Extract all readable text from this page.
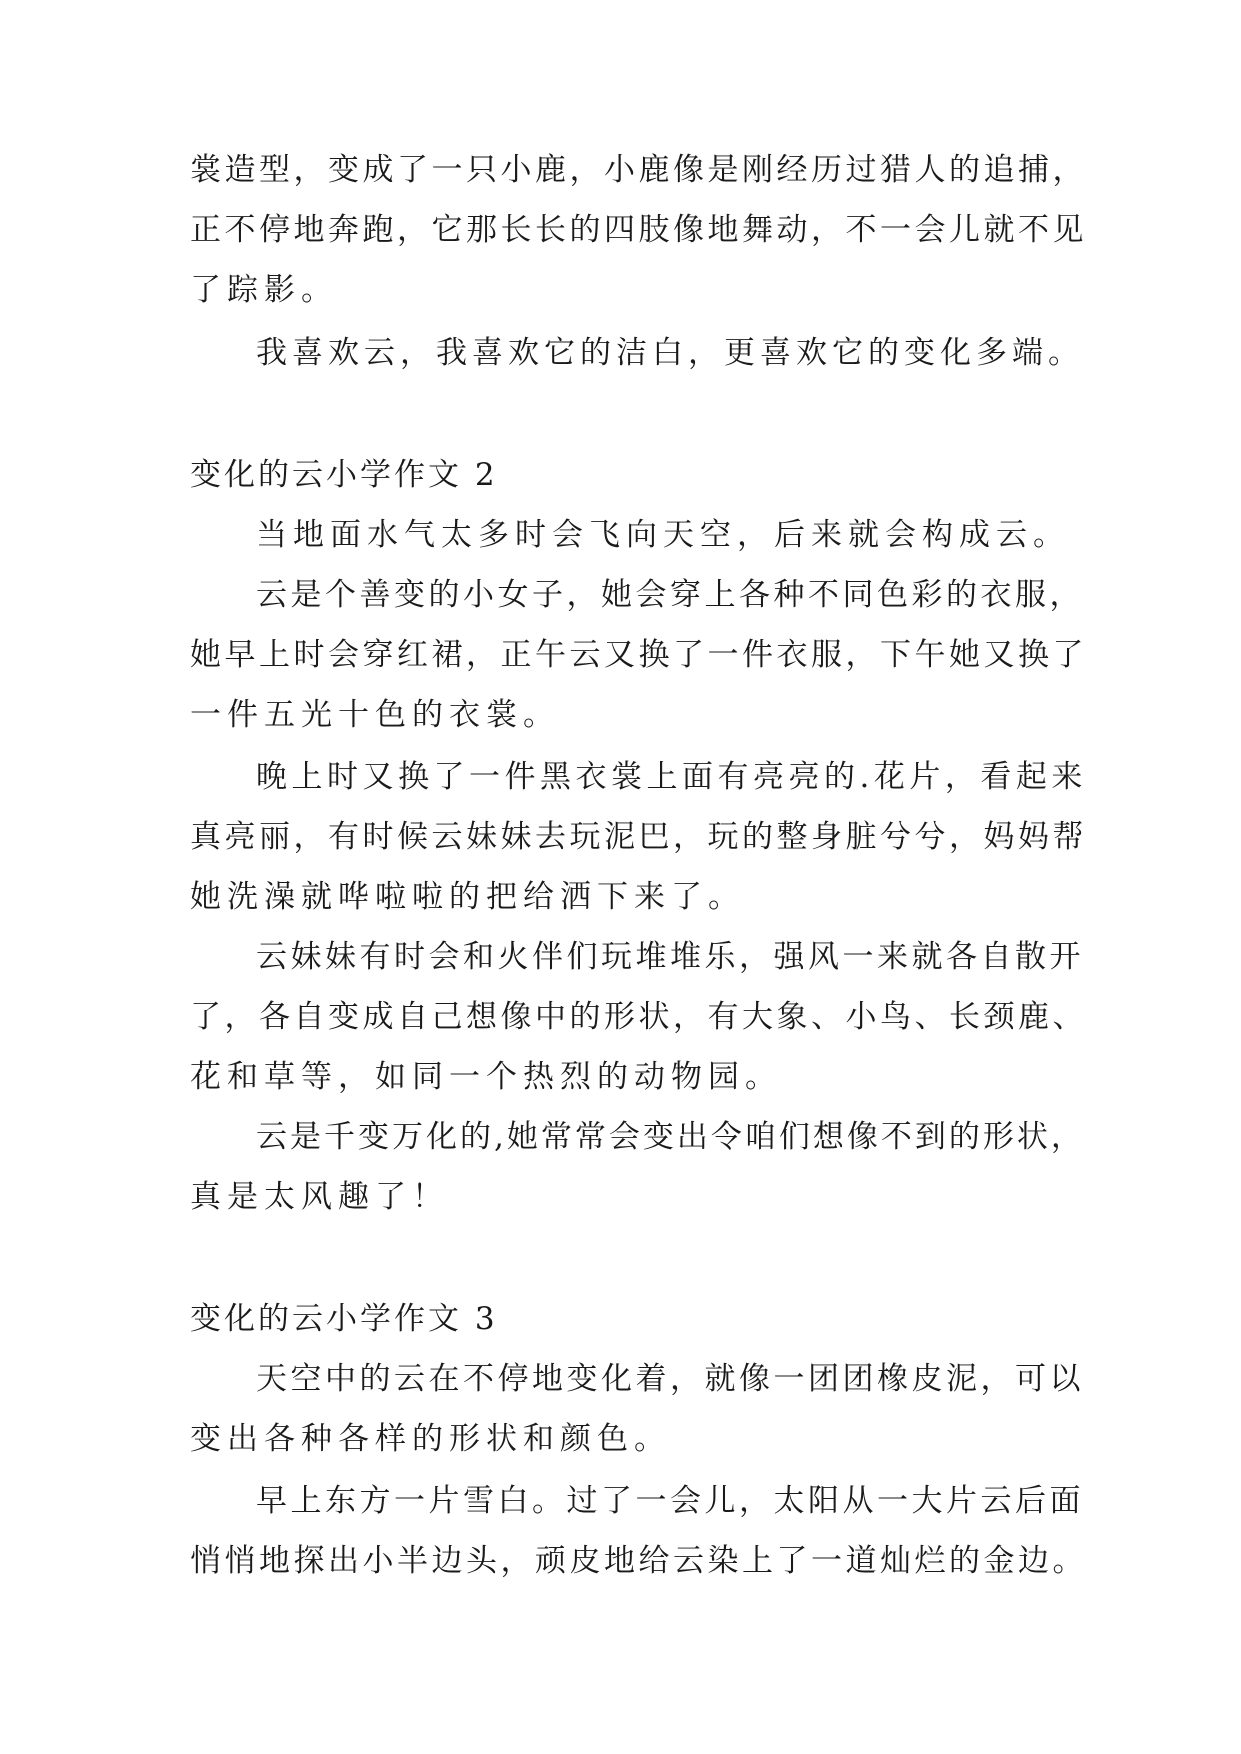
裳造型，变成了一只小鹿，小鹿像是刚经历过猎人的追捕，
正不停地奔跑，它那长长的四肢像地舞动，不一会儿就不见
了踪影。
我喜欢云，我喜欢它的洁白，更喜欢它的变化多端。
变化的云小学作文 2
当地面水气太多时会飞向天空，后来就会构成云。
云是个善变的小女子，她会穿上各种不同色彩的衣服，
她早上时会穿红裙，正午云又换了一件衣服，下午她又换了
一件五光十色的衣裳。
晚上时又换了一件黑衣裳上面有亮亮的.花片，看起来
真亮丽，有时候云妹妹去玩泥巴，玩的整身脏兮兮，妈妈帮
她洗澡就哗啦啦的把给洒下来了。
云妹妹有时会和火伴们玩堆堆乐，强风一来就各自散开
了，各自变成自己想像中的形状，有大象、小鸟、长颈鹿、
花和草等，如同一个热烈的动物园。
云是千变万化的,她常常会变出令咱们想像不到的形状，
真是太风趣了！
变化的云小学作文 3
天空中的云在不停地变化着，就像一团团橡皮泥，可以
变出各种各样的形状和颜色。
早上东方一片雪白。过了一会儿，太阳从一大片云后面
悄悄地探出小半边头，顽皮地给云染上了一道灿烂的金边。
